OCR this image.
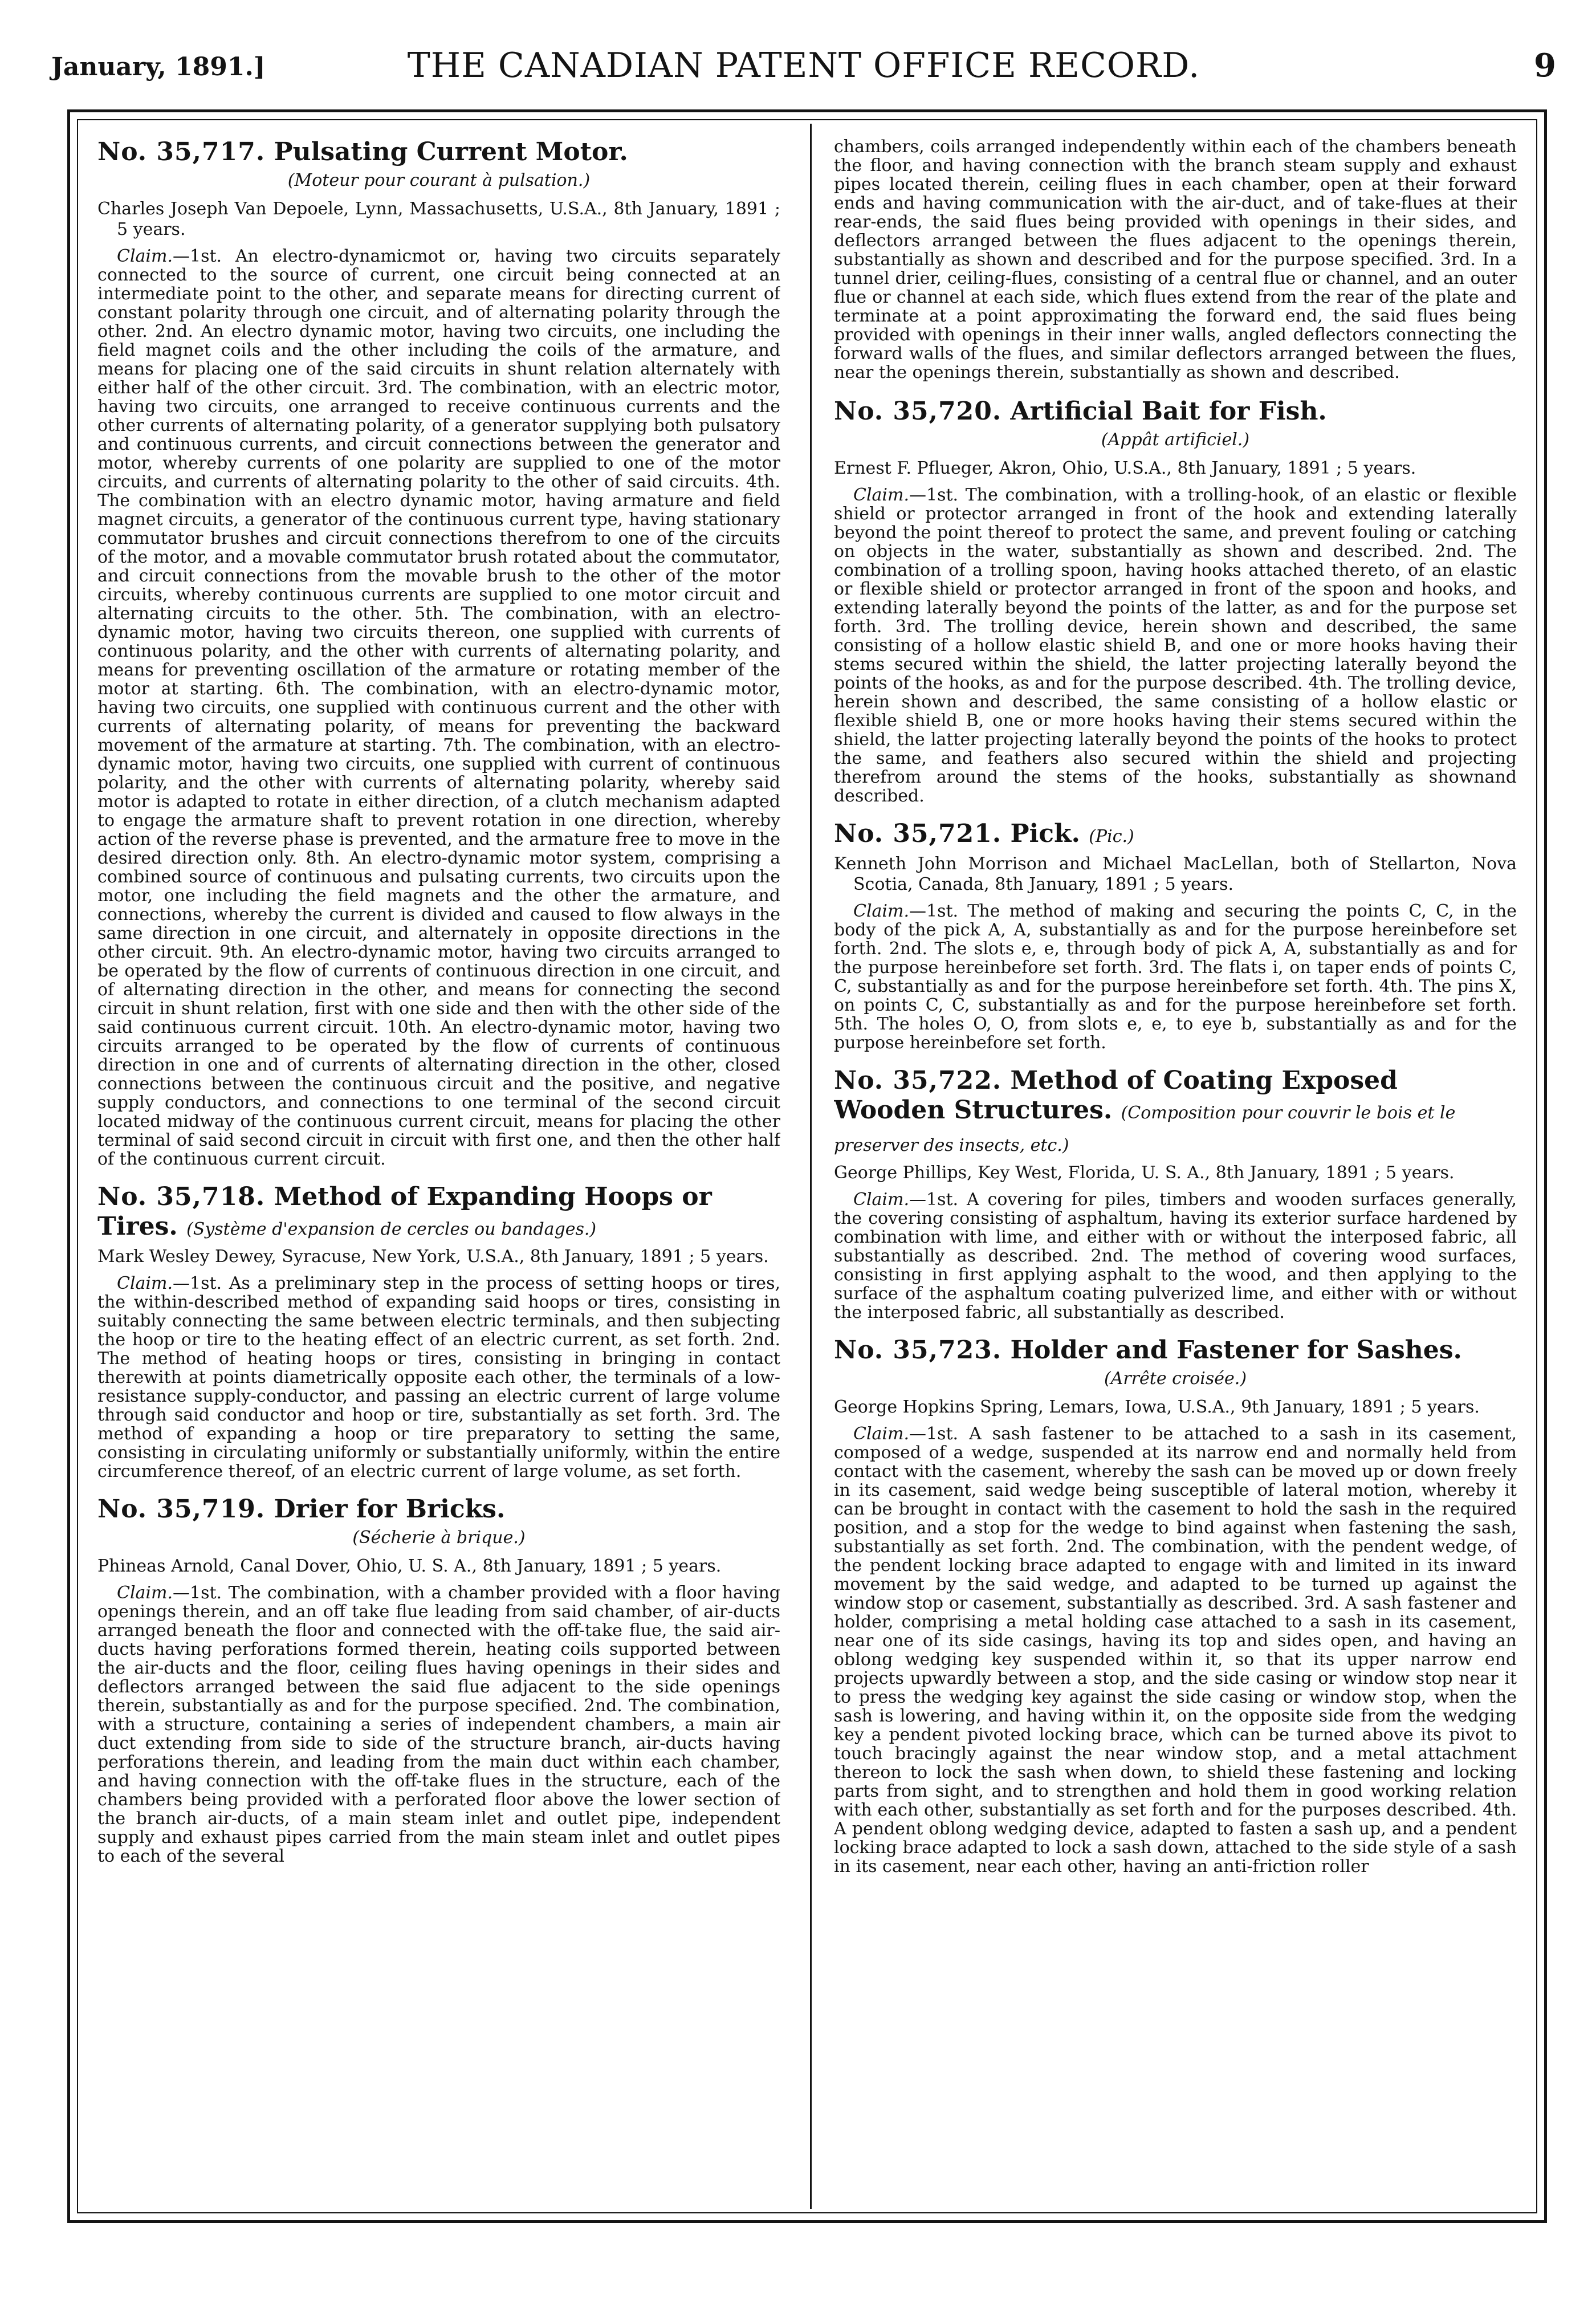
January, 1891.]	THE CANADIAN PATENT OFFICE RECORD.	9
No. 35,717. Pulsating Current Motor.
(Moteur pour courant à pulsation.)

Charles Joseph Van Depoele, Lynn, Massachusetts, U.S.A., 8th January, 1891 ; 5 years.

Claim.—1st. An electro-dynamicmot or, having two circuits separately connected to the source of current, one circuit being connected at an intermediate point to the other, and separate means for directing current of constant polarity through one circuit, and of alternating polarity through the other. 2nd. An electro dynamic motor, having two circuits, one including the field magnet coils and the other including the coils of the armature, and means for placing one of the said circuits in shunt relation alternately with either half of the other circuit. 3rd. The combination, with an electric motor, having two circuits, one arranged to receive continuous currents and the other currents of alternating polarity, of a generator supplying both pulsatory and continuous currents, and circuit connections between the generator and motor, whereby currents of one polarity are supplied to one of the motor circuits, and currents of alternating polarity to the other of said circuits. 4th. The combination with an electro dynamic motor, having armature and field magnet circuits, a generator of the continuous current type, having stationary commutator brushes and circuit connections therefrom to one of the circuits of the motor, and a movable commutator brush rotated about the commutator, and circuit connections from the movable brush to the other of the motor circuits, whereby continuous currents are supplied to one motor circuit and alternating circuits to the other. 5th. The combination, with an electro-dynamic motor, having two circuits thereon, one supplied with currents of continuous polarity, and the other with currents of alternating polarity, and means for preventing oscillation of the armature or rotating member of the motor at starting. 6th. The combination, with an electro-dynamic motor, having two circuits, one supplied with continuous current and the other with currents of alternating polarity, of means for preventing the backward movement of the armature at starting. 7th. The combination, with an electro-dynamic motor, having two circuits, one supplied with current of continuous polarity, and the other with currents of alternating polarity, whereby said motor is adapted to rotate in either direction, of a clutch mechanism adapted to engage the armature shaft to prevent rotation in one direction, whereby action of the reverse phase is prevented, and the armature free to move in the desired direction only. 8th. An electro-dynamic motor system, comprising a combined source of continuous and pulsating currents, two circuits upon the motor, one including the field magnets and the other the armature, and connections, whereby the current is divided and caused to flow always in the same direction in one circuit, and alternately in opposite directions in the other circuit. 9th. An electro-dynamic motor, having two circuits arranged to be operated by the flow of currents of continuous direction in one circuit, and of alternating direction in the other, and means for connecting the second circuit in shunt relation, first with one side and then with the other side of the said continuous current circuit. 10th. An electro-dynamic motor, having two circuits arranged to be operated by the flow of currents of continuous direction in one and of currents of alternating direction in the other, closed connections between the continuous circuit and the positive, and negative supply conductors, and connections to one terminal of the second circuit located midway of the continuous current circuit, means for placing the other terminal of said second circuit in circuit with first one, and then the other half of the continuous current circuit.

No. 35,718. Method of Expanding Hoops or Tires. (Système d'expansion de cercles ou bandages.)

Mark Wesley Dewey, Syracuse, New York, U.S.A., 8th January, 1891 ; 5 years.

Claim.—1st. As a preliminary step in the process of setting hoops or tires, the within-described method of expanding said hoops or tires, consisting in suitably connecting the same between electric terminals, and then subjecting the hoop or tire to the heating effect of an electric current, as set forth. 2nd. The method of heating hoops or tires, consisting in bringing in contact therewith at points diametrically opposite each other, the terminals of a low-resistance supply-conductor, and passing an electric current of large volume through said conductor and hoop or tire, substantially as set forth. 3rd. The method of expanding a hoop or tire preparatory to setting the same, consisting in circulating uniformly or substantially uniformly, within the entire circumference thereof, of an electric current of large volume, as set forth.

No. 35,719. Drier for Bricks.
(Sécherie à brique.)

Phineas Arnold, Canal Dover, Ohio, U. S. A., 8th January, 1891 ; 5 years.

Claim.—1st. The combination, with a chamber provided with a floor having openings therein, and an off take flue leading from said chamber, of air-ducts arranged beneath the floor and connected with the off-take flue, the said air-ducts having perforations formed therein, heating coils supported between the air-ducts and the floor, ceiling flues having openings in their sides and deflectors arranged between the said flue adjacent to the side openings therein, substantially as and for the purpose specified. 2nd. The combination, with a structure, containing a series of independent chambers, a main air duct extending from side to side of the structure branch, air-ducts having perforations therein, and leading from the main duct within each chamber, and having connection with the off-take flues in the structure, each of the chambers being provided with a perforated floor above the lower section of the branch air-ducts, of a main steam inlet and outlet pipe, independent supply and exhaust pipes carried from the main steam inlet and outlet pipes to each of the several

chambers, coils arranged independently within each of the chambers beneath the floor, and having connection with the branch steam supply and exhaust pipes located therein, ceiling flues in each chamber, open at their forward ends and having communication with the air-duct, and of take-flues at their rear-ends, the said flues being provided with openings in their sides, and deflectors arranged between the flues adjacent to the openings therein, substantially as shown and described and for the purpose specified. 3rd. In a tunnel drier, ceiling-flues, consisting of a central flue or channel, and an outer flue or channel at each side, which flues extend from the rear of the plate and terminate at a point approximating the forward end, the said flues being provided with openings in their inner walls, angled deflectors connecting the forward walls of the flues, and similar deflectors arranged between the flues, near the openings therein, substantially as shown and described.

No. 35,720. Artificial Bait for Fish.
(Appât artificiel.)

Ernest F. Pflueger, Akron, Ohio, U.S.A., 8th January, 1891 ; 5 years.

Claim.—1st. The combination, with a trolling-hook, of an elastic or flexible shield or protector arranged in front of the hook and extending laterally beyond the point thereof to protect the same, and prevent fouling or catching on objects in the water, substantially as shown and described. 2nd. The combination of a trolling spoon, having hooks attached thereto, of an elastic or flexible shield or protector arranged in front of the spoon and hooks, and extending laterally beyond the points of the latter, as and for the purpose set forth. 3rd. The trolling device, herein shown and described, the same consisting of a hollow elastic shield B, and one or more hooks having their stems secured within the shield, the latter projecting laterally beyond the points of the hooks, as and for the purpose described. 4th. The trolling device, herein shown and described, the same consisting of a hollow elastic or flexible shield B, one or more hooks having their stems secured within the shield, the latter projecting laterally beyond the points of the hooks to protect the same, and feathers also secured within the shield and projecting therefrom around the stems of the hooks, substantially as shownand described.

No. 35,721. Pick. (Pic.)

Kenneth John Morrison and Michael MacLellan, both of Stellarton, Nova Scotia, Canada, 8th January, 1891 ; 5 years.

Claim.—1st. The method of making and securing the points C, C, in the body of the pick A, A, substantially as and for the purpose hereinbefore set forth. 2nd. The slots e, e, through body of pick A, A, substantially as and for the purpose hereinbefore set forth. 3rd. The flats i, on taper ends of points C, C, substantially as and for the purpose hereinbefore set forth. 4th. The pins X, on points C, C, substantially as and for the purpose hereinbefore set forth. 5th. The holes O, O, from slots e, e, to eye b, substantially as and for the purpose hereinbefore set forth.

No. 35,722. Method of Coating Exposed Wooden Structures. (Composition pour couvrir le bois et le preserver des insects, etc.)

George Phillips, Key West, Florida, U. S. A., 8th January, 1891 ; 5 years.

Claim.—1st. A covering for piles, timbers and wooden surfaces generally, the covering consisting of asphaltum, having its exterior surface hardened by combination with lime, and either with or without the interposed fabric, all substantially as described. 2nd. The method of covering wood surfaces, consisting in first applying asphalt to the wood, and then applying to the surface of the asphaltum coating pulverized lime, and either with or without the interposed fabric, all substantially as described.

No. 35,723. Holder and Fastener for Sashes.
(Arrête croisée.)

George Hopkins Spring, Lemars, Iowa, U.S.A., 9th January, 1891 ; 5 years.

Claim.—1st. A sash fastener to be attached to a sash in its casement, composed of a wedge, suspended at its narrow end and normally held from contact with the casement, whereby the sash can be moved up or down freely in its casement, said wedge being susceptible of lateral motion, whereby it can be brought in contact with the casement to hold the sash in the required position, and a stop for the wedge to bind against when fastening the sash, substantially as set forth. 2nd. The combination, with the pendent wedge, of the pendent locking brace adapted to engage with and limited in its inward movement by the said wedge, and adapted to be turned up against the window stop or casement, substantially as described. 3rd. A sash fastener and holder, comprising a metal holding case attached to a sash in its casement, near one of its side casings, having its top and sides open, and having an oblong wedging key suspended within it, so that its upper narrow end projects upwardly between a stop, and the side casing or window stop near it to press the wedging key against the side casing or window stop, when the sash is lowering, and having within it, on the opposite side from the wedging key a pendent pivoted locking brace, which can be turned above its pivot to touch bracingly against the near window stop, and a metal attachment thereon to lock the sash when down, to shield these fastening and locking parts from sight, and to strengthen and hold them in good working relation with each other, substantially as set forth and for the purposes described. 4th. A pendent oblong wedging device, adapted to fasten a sash up, and a pendent locking brace adapted to lock a sash down, attached to the side style of a sash in its casement, near each other, having an anti-friction roller
